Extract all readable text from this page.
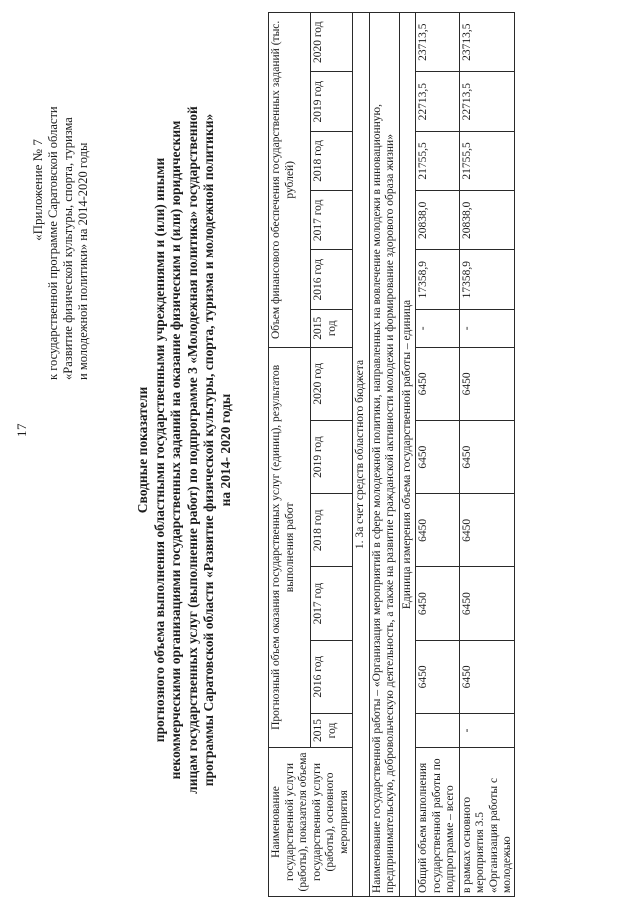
17
«Приложение № 7 к государственной программе Саратовской области «Развитие физической культуры, спорта, туризма и молодежной политики» на 2014-2020 годы
Сводные показатели прогнозного объема выполнения областными государственными учреждениями и (или) иными некоммерческими организациями государственных заданий на оказание физическим и (или) юридическим лицам государственных услуг (выполнение работ) по подпрограмме 3 «Молодежная политика» государственной программы Саратовской области «Развитие физической культуры, спорта, туризма и молодежной политики» на 2014- 2020 годы
Наименование государственной услуги (работы), показателя объема государственной услуги (работы), основного мероприятия	Прогнозный объем оказания государственных услуг (единиц), результатов выполнения работ						Объем финансового обеспечения государственных заданий (тыс. рублей)					
	2015 год	2016 год	2017 год	2018 год	2019 год	2020 год	2015 год	2016 год	2017 год	2018 год	2019 год	2020 год
1. За счет средств областного бюджета												
Наименование государственной работы – «Организация мероприятий в сфере молодежной политики, направленных на вовлечение молодежи в инновационную, предпринимательскую, добровольческую деятельность, а также на развитие гражданской активности молодежи и формирование здорового образа жизни»												
Единица измерения объема государственной работы – единица												
Общий объем выполнения государственной работы по подпрограмме – всего		6450	6450	6450	6450	6450	-	17358,9	20838,0	21755,5	22713,5	23713,5

в рамках основного мероприятия 3.5 «Организация работы с молодежью	-	6450	6450	6450	6450	6450	-	17358,9	20838,0	21755,5	22713,5	23713,5
